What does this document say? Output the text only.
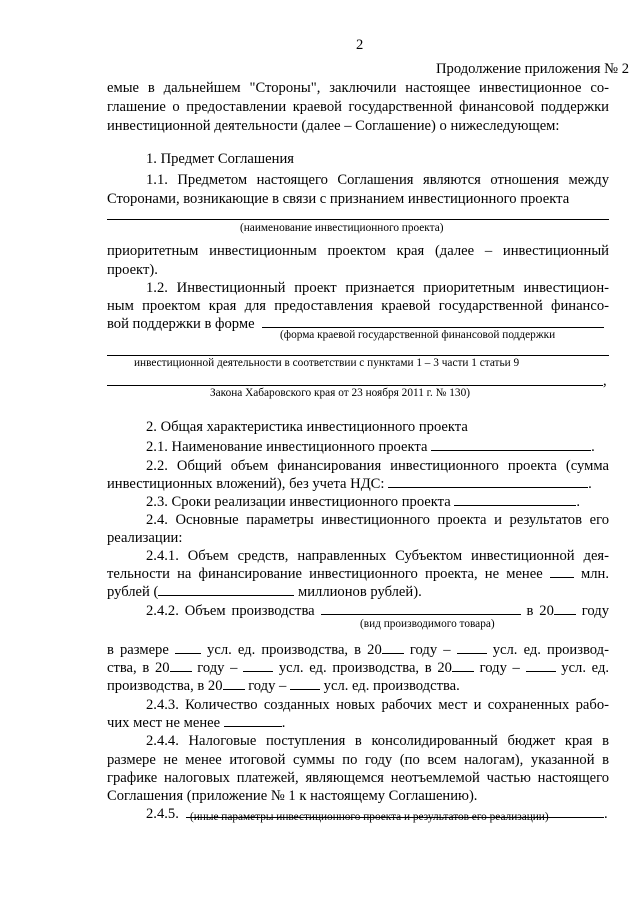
2
Продолжение приложения № 2
емые в дальнейшем "Стороны", заключили настоящее инвестиционное со-
глашение о предоставлении краевой государственной финансовой поддержки
инвестиционной деятельности (далее – Соглашение) о нижеследующем:
1. Предмет Соглашения
1.1. Предметом настоящего Соглашения являются отношения между
Сторонами, возникающие в связи с признанием инвестиционного проекта
(наименование инвестиционного проекта)
приоритетным инвестиционным проектом края (далее – инвестиционный
проект).
1.2. Инвестиционный проект признается приоритетным инвестицион-
ным проектом края для предоставления краевой государственной финансо-
вой поддержки в форме
(форма краевой государственной финансовой поддержки
инвестиционной деятельности в соответствии с пунктами 1 – 3 части 1 статьи 9
,
Закона Хабаровского края от 23 ноября 2011 г. № 130)
2. Общая характеристика инвестиционного проекта
2.1. Наименование инвестиционного проекта	.
2.2. Общий объем финансирования инвестиционного проекта (сумма
инвестиционных вложений), без учета НДС:	.
2.3. Сроки реализации инвестиционного проекта	.
2.4. Основные параметры инвестиционного проекта и результатов его
реализации:
2.4.1. Объем средств, направленных Субъектом инвестиционной дея-
тельности на финансирование инвестиционного проекта, не менее	млн.
рублей (	миллионов рублей).
2.4.2. Объем производства	в 20 году
(вид производимого товара)
в размере	усл. ед. производства, в 20 году –	усл. ед. производ-
ства, в 20 году –	усл. ед. производства, в 20 году –	усл. ед.
производства, в 20 году –	усл. ед. производства.
2.4.3. Количество созданных новых рабочих мест и сохраненных рабо-
чих мест не менее	.
2.4.4. Налоговые поступления в консолидированный бюджет края в
размере не менее итоговой суммы по году (по всем налогам), указанной в
графике налоговых платежей, являющемся неотъемлемой частью настоящего
Соглашения (приложение № 1 к настоящему Соглашению).
2.4.5.	.
(иные параметры инвестиционного проекта и результатов его реализации)
